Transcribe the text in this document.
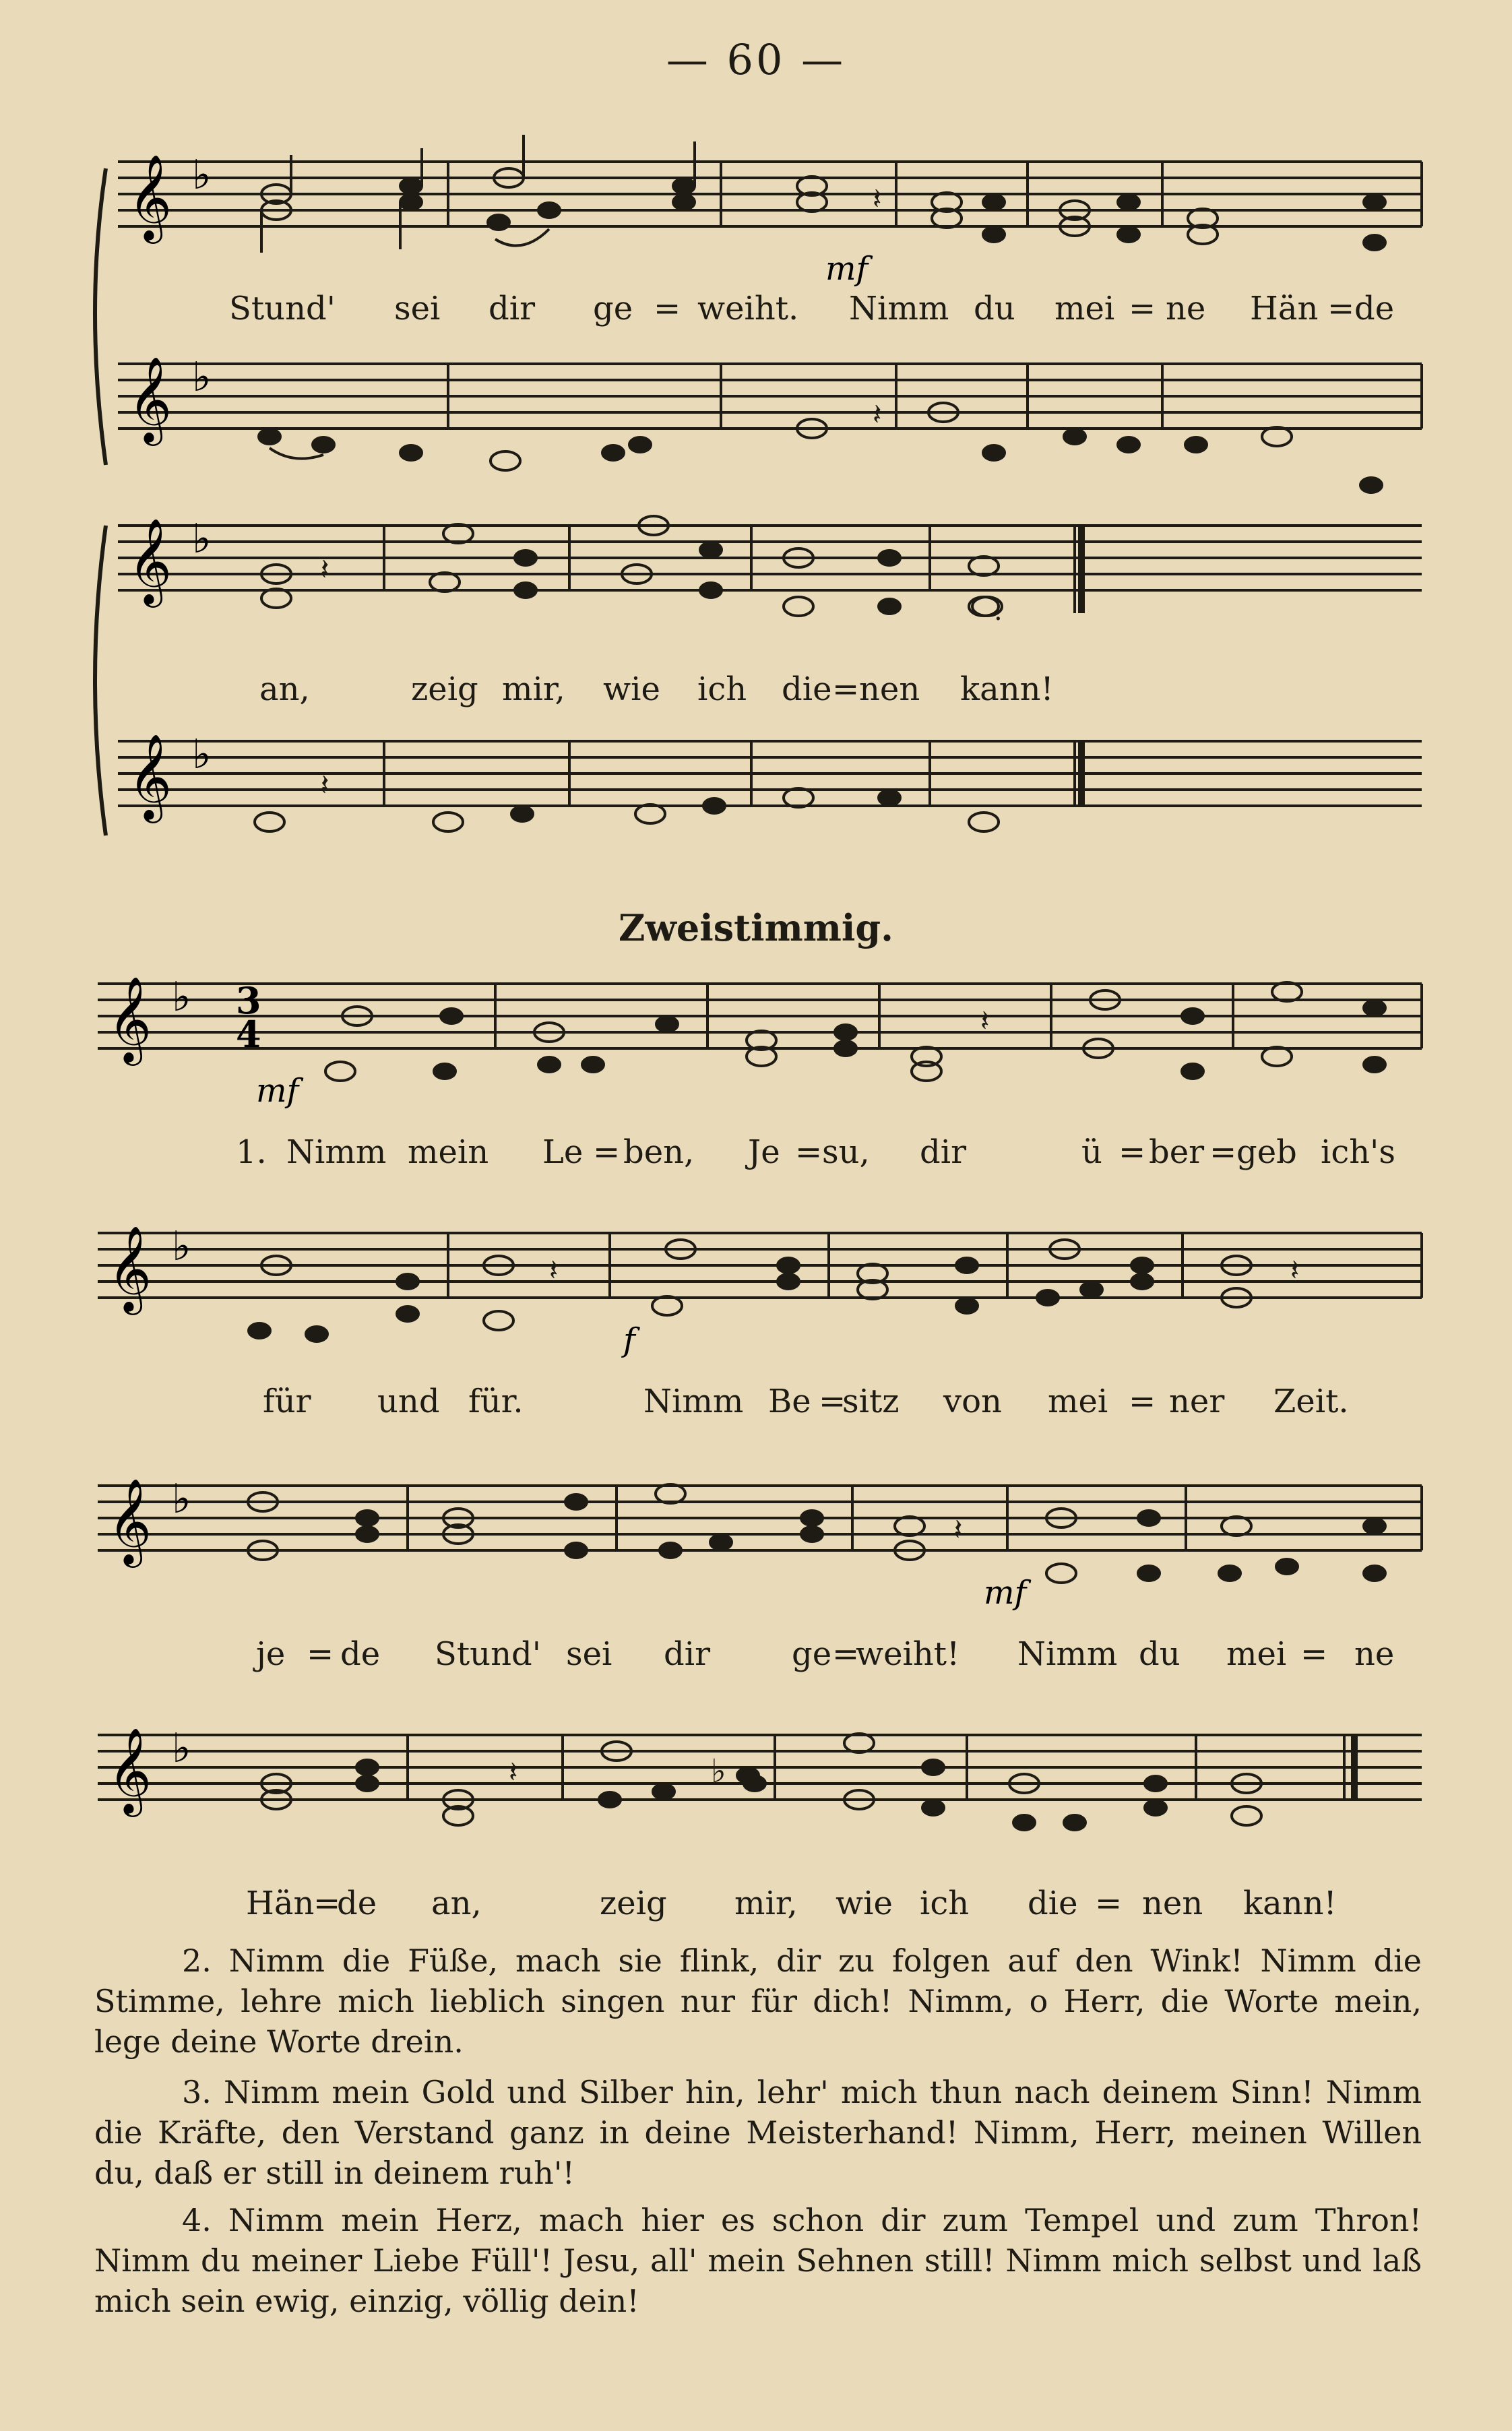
— 60 —
𝄞
𝄞
♭
♭
𝄽
𝄽
mf
Stund' sei dir ge = weiht. Nimm du mei = ne Hän = de
𝄞
𝄞
♭
♭
𝄽
.
𝄽
an,	zeig mir, wie ich die = nen kann!
Zweistimmig.
𝄞 ♭ 3
4	𝄽
mf
1. Nimm mein Le = ben, Je = su, dir	ü = ber = geb ich's
𝄞 ♭
𝄽	𝄽
f
für und für.	Nimm Be =
sitz von mei = ner Zeit.
𝄞 ♭
𝄽
mf
je = de Stund' sei dir	ge =
weiht! Nimm du mei = ne
𝄞 ♭
𝄽	♭
Hän
=
de an,	zeig mir, wie ich die = nen kann!
2. Nimm die Füße, mach sie flink, dir zu folgen auf den Wink! Nimm die Stimme, lehre mich lieblich singen nur für dich! Nimm, o Herr, die Worte mein, lege deine Worte drein.
3. Nimm mein Gold und Silber hin, lehr' mich thun nach deinem Sinn! Nimm die Kräfte, den Verstand ganz in deine Meisterhand! Nimm, Herr, meinen Willen du, daß er still in deinem ruh'!
4. Nimm mein Herz, mach hier es schon dir zum Tempel und zum Thron! Nimm du meiner Liebe Füll'! Jesu, all' mein Sehnen still! Nimm mich selbst und laß mich sein ewig, einzig, völlig dein!
